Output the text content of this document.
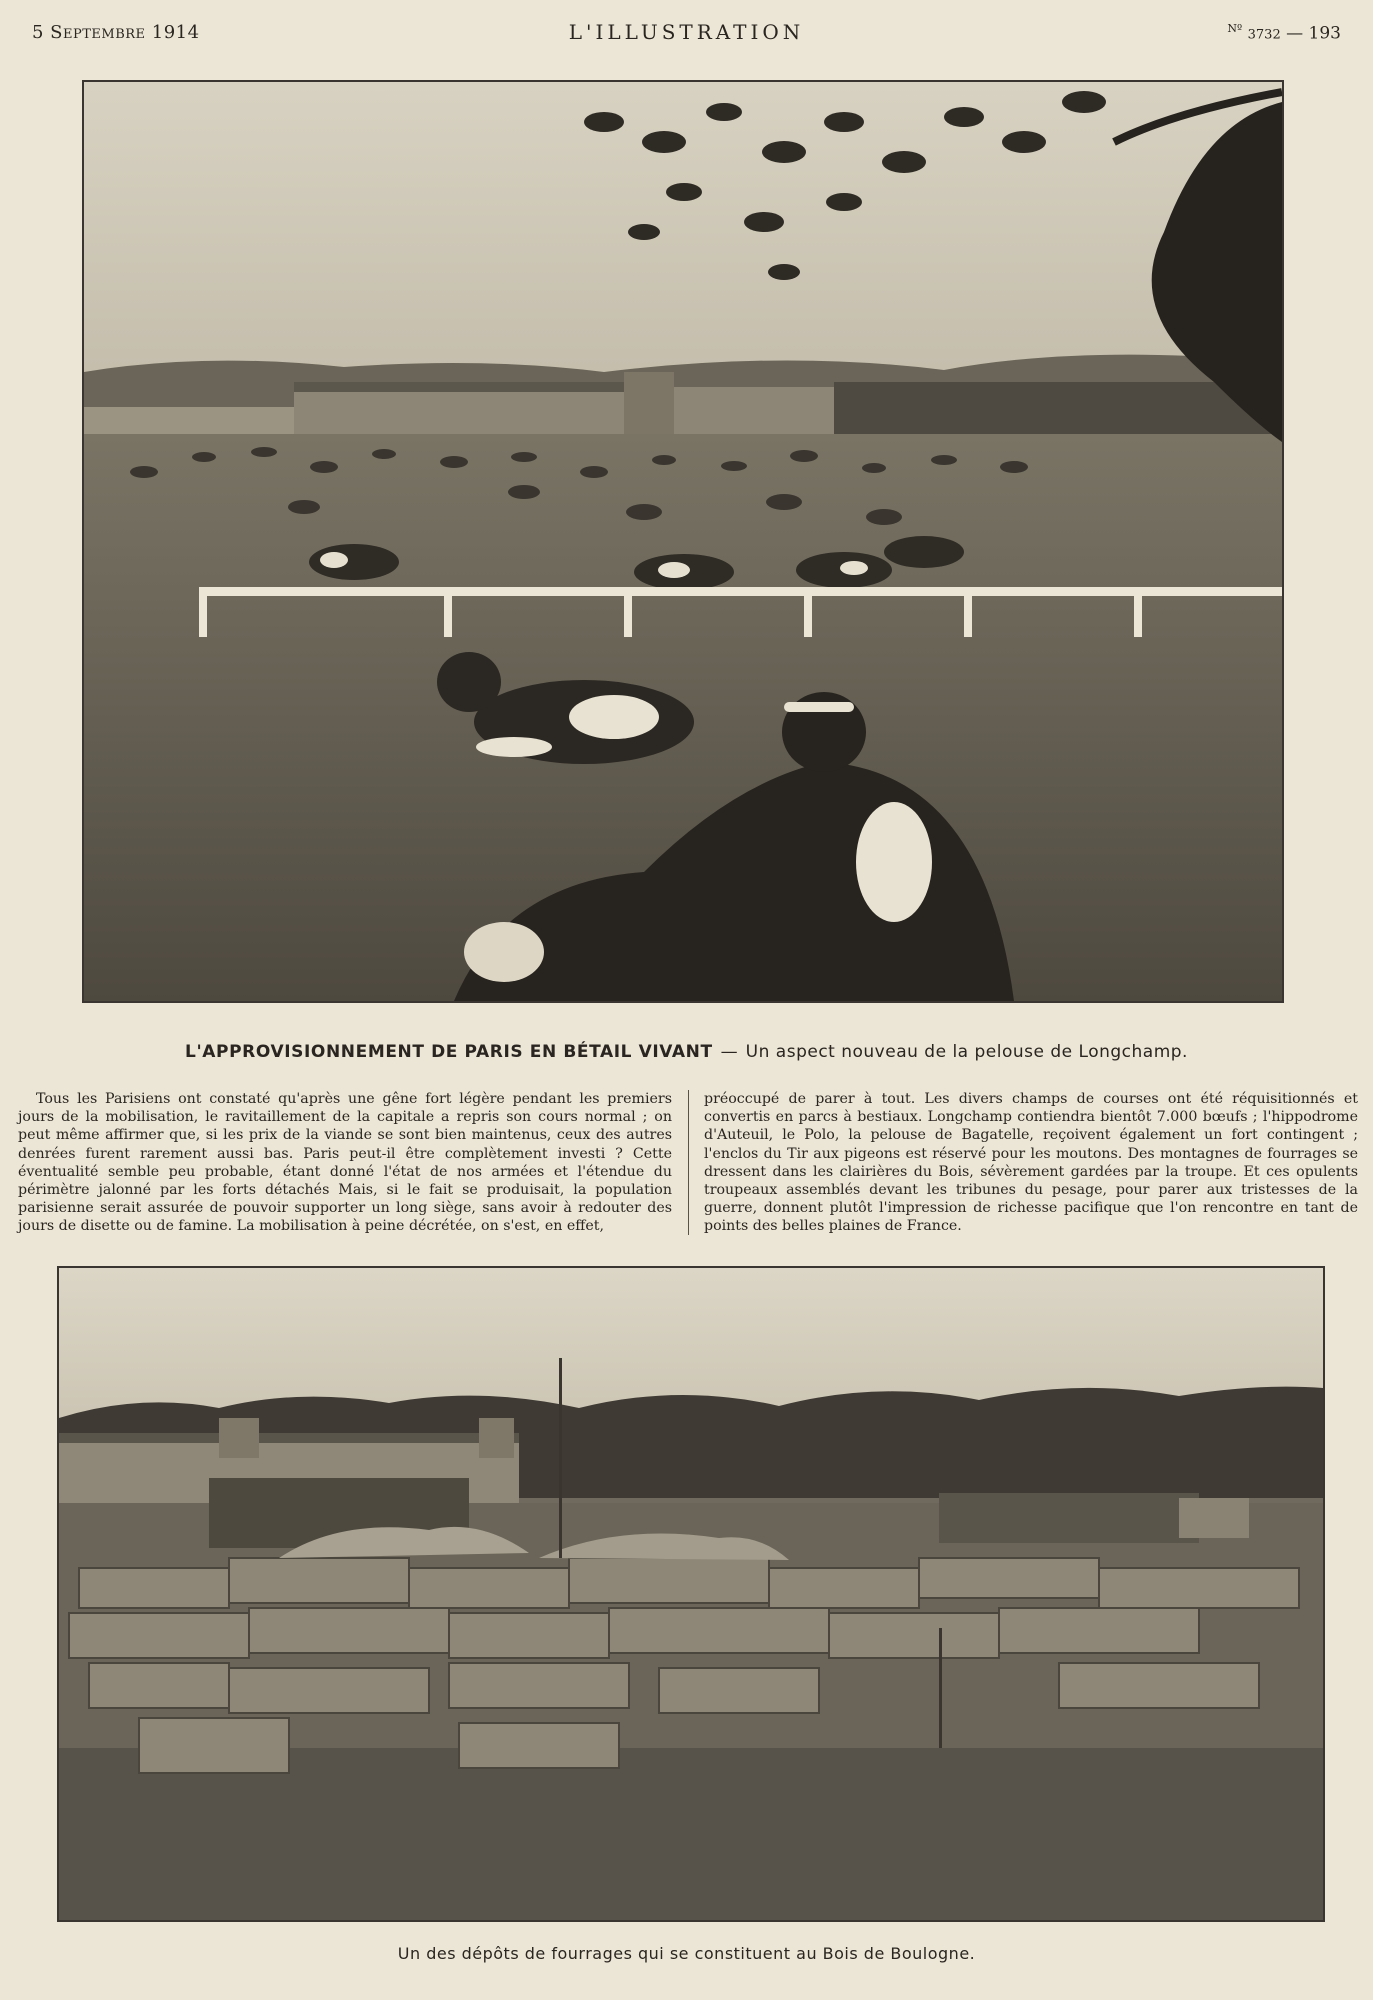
5 Septembre 1914	L'ILLUSTRATION	$^{Nº}$ 3732 — 193
L'APPROVISIONNEMENT DE PARIS EN BÉTAIL VIVANT — Un aspect nouveau de la pelouse de Longchamp.
Tous les Parisiens ont constaté qu'après une gêne fort légère pendant les premiers jours de la mobilisation, le ravitaillement de la capitale a repris son cours normal ; on peut même affirmer que, si les prix de la viande se sont bien maintenus, ceux des autres denrées furent rarement aussi bas. Paris peut-il être complètement investi ? Cette éventualité semble peu probable, étant donné l'état de nos armées et l'étendue du périmètre jalonné par les forts détachés Mais, si le fait se produisait, la population parisienne serait assurée de pouvoir supporter un long siège, sans avoir à redouter des jours de disette ou de famine. La mobilisation à peine décrétée, on s'est, en effet,
préoccupé de parer à tout. Les divers champs de courses ont été réquisitionnés et convertis en parcs à bestiaux. Longchamp contiendra bientôt 7.000 bœufs ; l'hippodrome d'Auteuil, le Polo, la pelouse de Bagatelle, reçoivent également un fort contingent ; l'enclos du Tir aux pigeons est réservé pour les moutons. Des montagnes de fourrages se dressent dans les clairières du Bois, sévèrement gardées par la troupe. Et ces opulents troupeaux assemblés devant les tribunes du pesage, pour parer aux tristesses de la guerre, donnent plutôt l'impression de richesse pacifique que l'on rencontre en tant de points des belles plaines de France.
Un des dépôts de fourrages qui se constituent au Bois de Boulogne.
